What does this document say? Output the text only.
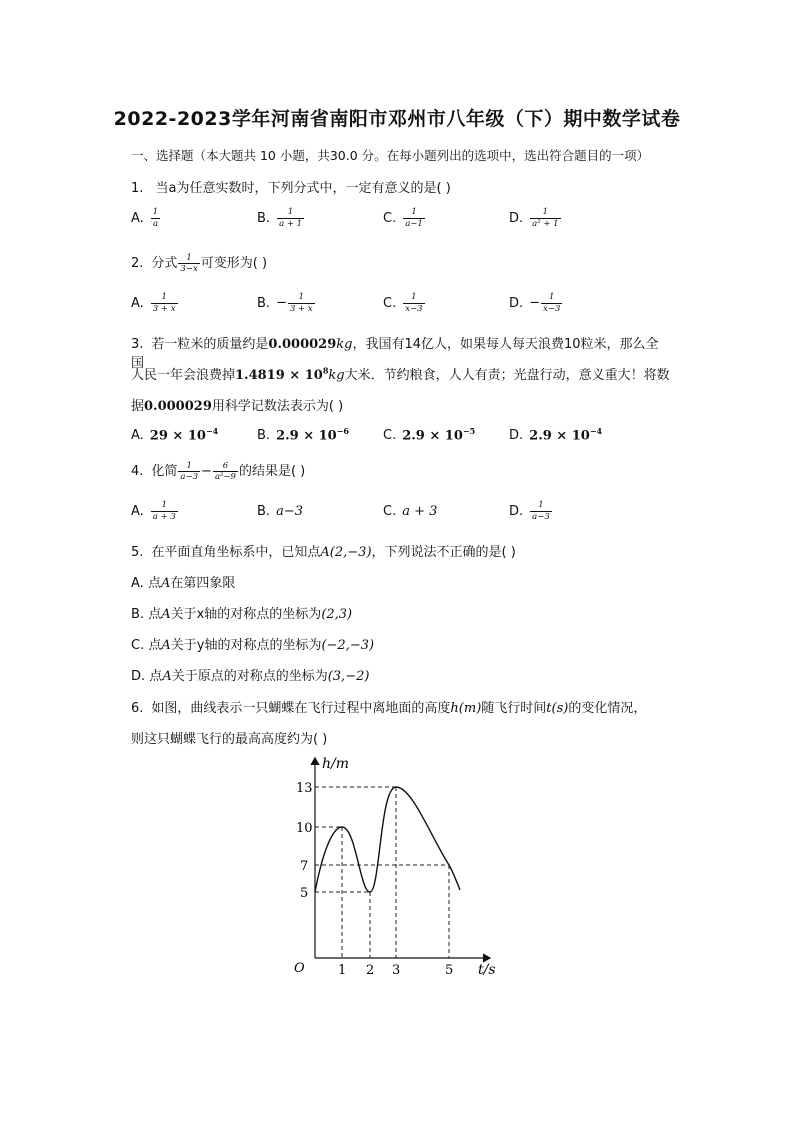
2022-2023学年河南省南阳市邓州市八年级（下）期中数学试卷
一、选择题（本大题共 10 小题，共30.0 分。在每小题列出的选项中，选出符合题目的一项）
1. 当a为任意实数时，下列分式中，一定有意义的是( )
A. $\frac{1}{a}$	B. $\frac{1}{a + 1}$	C. $\frac{1}{a-1}$	D. $\frac{1}{\text{a² + 1}}$
2. 分式 $\frac{1}{3-x}$ 可变形为( )
A. $\frac{1}{3 + x}$	B. − $\frac{1}{3 + x}$	C. $\frac{1}{x-3}$	D. − $\frac{1}{x-3}$
3. 若一粒米的质量约是0.000029kg，我国有14亿人，如果每人每天浪费10粒米，那么全国
人民一年会浪费掉$1.4819 \times 10^8kg$大米．节约粮食，人人有责；光盘行动，意义重大！将数
据0.000029用科学记数法表示为( )
A. $29 \times 10^{-4}$	B. $2.9 \times 10^{-6}$	C. $2.9 \times 10^{-5}$	D. $2.9 \times 10^{-4}$
4. 化简 $\frac{1}{a-3} - \frac{6}{\text{a²−9}}$ 的结果是( )
A. $\frac{1}{a + 3}$	B. a−3	C. a + 3	D. $\frac{1}{a-3}$
5. 在平面直角坐标系中，已知点A(2,−3)，下列说法不正确的是( )
A. 点A在第四象限
B. 点A关于x轴的对称点的坐标为(2,3)
C. 点A关于y轴的对称点的坐标为(−2,−3)
D. 点A关于原点的对称点的坐标为(3,−2)
6. 如图，曲线表示一只蝴蝶在飞行过程中离地面的高度h(m)随飞行时间t(s)的变化情况，
则这只蝴蝶飞行的最高高度约为( )
h/m
t/s
O
13
10
7
5
1 2 3	5
